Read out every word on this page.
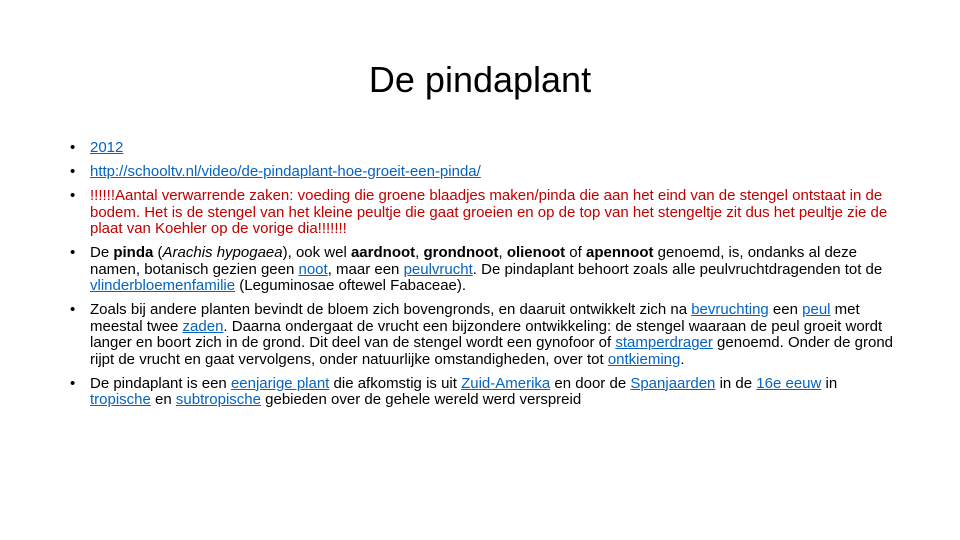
De pindaplant
• 2012
• http://schooltv.nl/video/de-pindaplant-hoe-groeit-een-pinda/
• !!!!!!Aantal verwarrende zaken: voeding die groene blaadjes maken/pinda die aan het eind van de stengel ontstaat in de bodem. Het is de stengel van het kleine peultje die gaat groeien en op de top van het stengeltje zit dus het peultje zie de plaat van Koehler op de vorige dia!!!!!!!
• De pinda (Arachis hypogaea), ook wel aardnoot, grondnoot, olienoot of apennoot genoemd, is, ondanks al deze namen, botanisch gezien geen noot, maar een peulvrucht. De pindaplant behoort zoals alle peulvruchtdragenden tot de vlinderbloemenfamilie (Leguminosae oftewel Fabaceae).
• Zoals bij andere planten bevindt de bloem zich bovengronds, en daaruit ontwikkelt zich na bevruchting een peul met meestal twee zaden. Daarna ondergaat de vrucht een bijzondere ontwikkeling: de stengel waaraan de peul groeit wordt langer en boort zich in de grond. Dit deel van de stengel wordt een gynofoor of stamperdrager genoemd. Onder de grond rijpt de vrucht en gaat vervolgens, onder natuurlijke omstandigheden, over tot ontkieming.
• De pindaplant is een eenjarige plant die afkomstig is uit Zuid-Amerika en door de Spanjaarden in de 16e eeuw in tropische en subtropische gebieden over de gehele wereld werd verspreid
